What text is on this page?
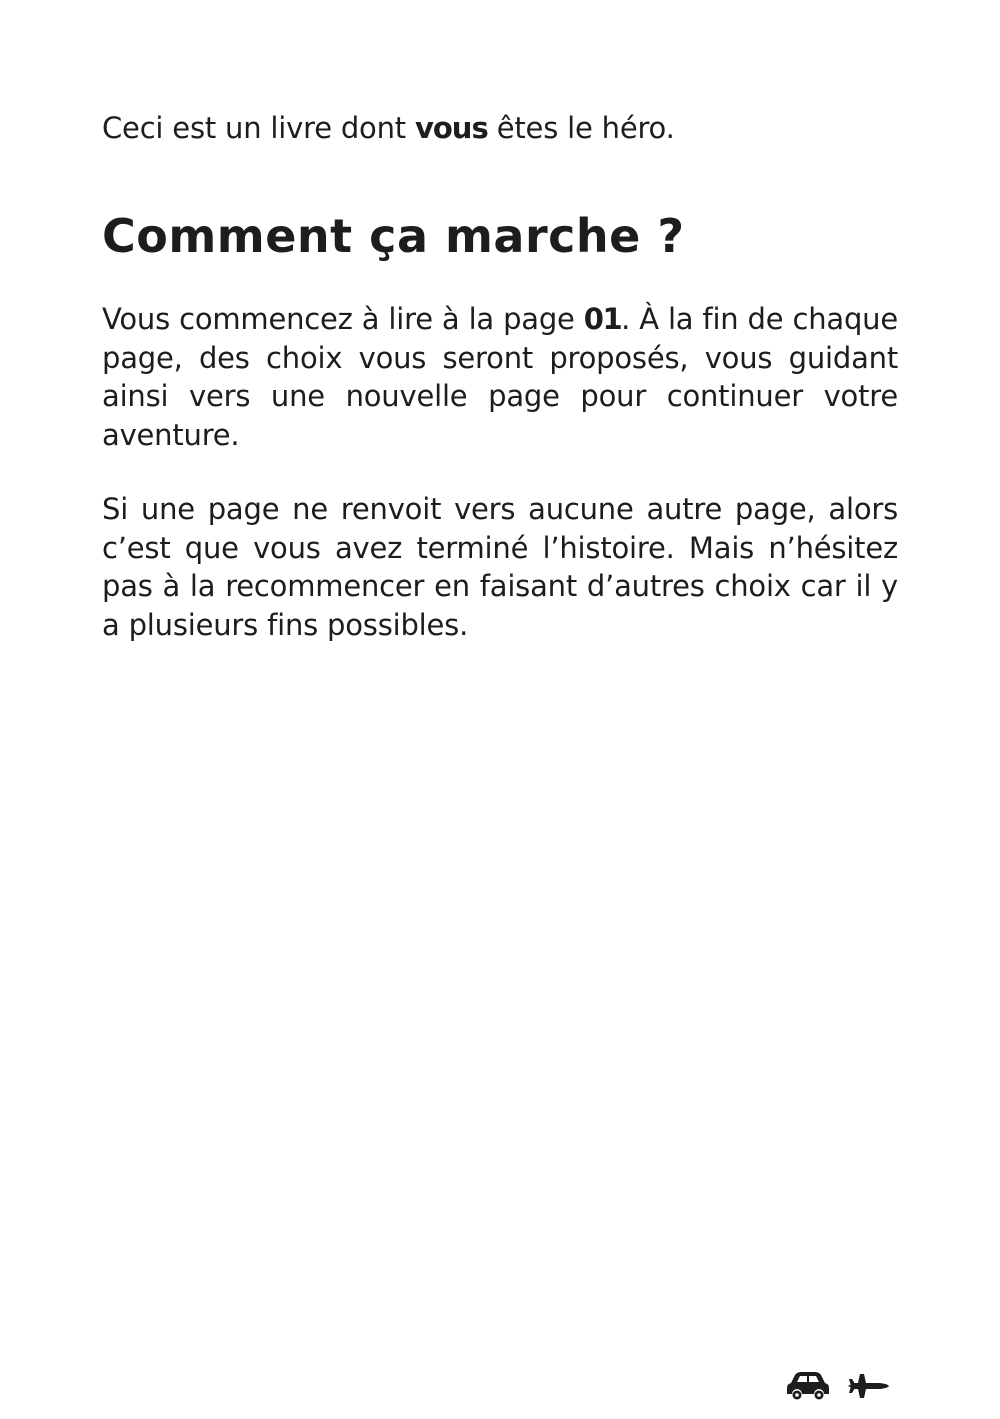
Ceci est un livre dont vous êtes le héro.

Comment ça marche ?

Vous commencez à lire à la page 01. À la fin de chaque page, des choix vous seront proposés, vous guidant ainsi vers une nouvelle page pour continuer votre aventure.

Si une page ne renvoit vers aucune autre page, alors c’est que vous avez terminé l’histoire. Mais n’hésitez pas à la recommencer en faisant d’autres choix car il y a plusieurs fins possibles.
